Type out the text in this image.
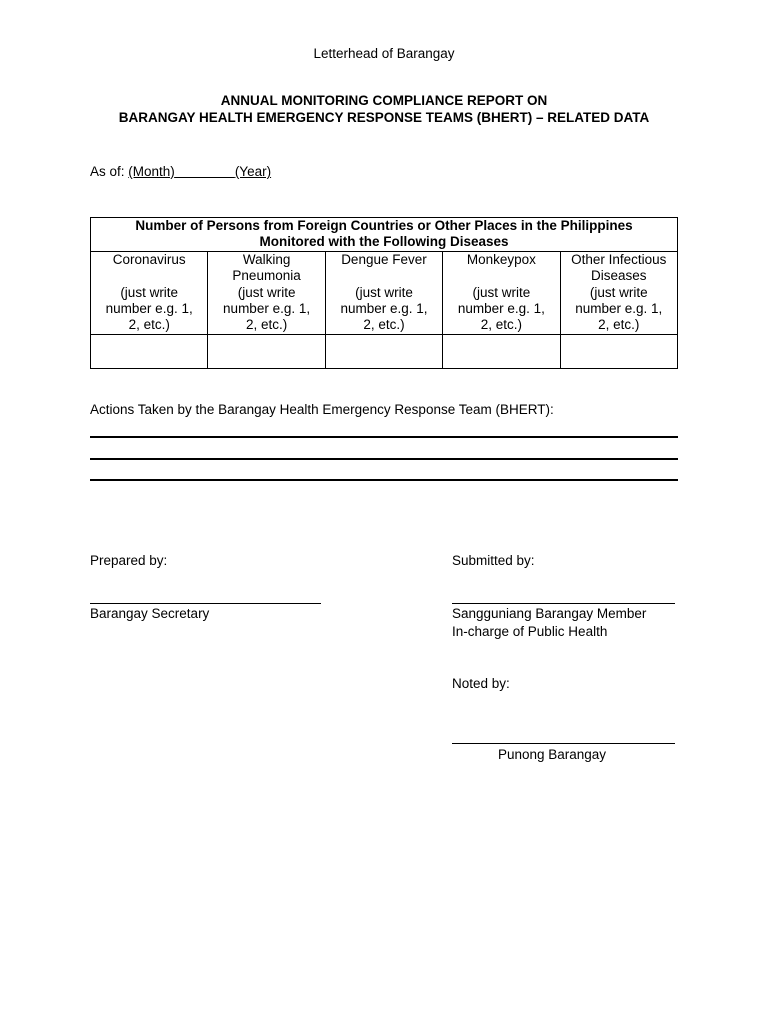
Letterhead of Barangay
ANNUAL MONITORING COMPLIANCE REPORT ON
BARANGAY HEALTH EMERGENCY RESPONSE TEAMS (BHERT) – RELATED DATA
As of: (Month)	(Year)
Number of Persons from Foreign Countries or Other Places in the Philippines
Monitored with the Following Diseases				

Coronavirus

(just write
number e.g. 1,
2, etc.)	Walking
Pneumonia
(just write
number e.g. 1,
2, etc.)	Dengue Fever

(just write
number e.g. 1,
2, etc.)	Monkeypox

(just write
number e.g. 1,
2, etc.)	Other Infectious
Diseases
(just write
number e.g. 1,
2, etc.)

Actions Taken by the Barangay Health Emergency Response Team (BHERT):
Prepared by:
Barangay Secretary
Submitted by:
Sangguniang Barangay Member
In-charge of Public Health
Noted by:
Punong Barangay
